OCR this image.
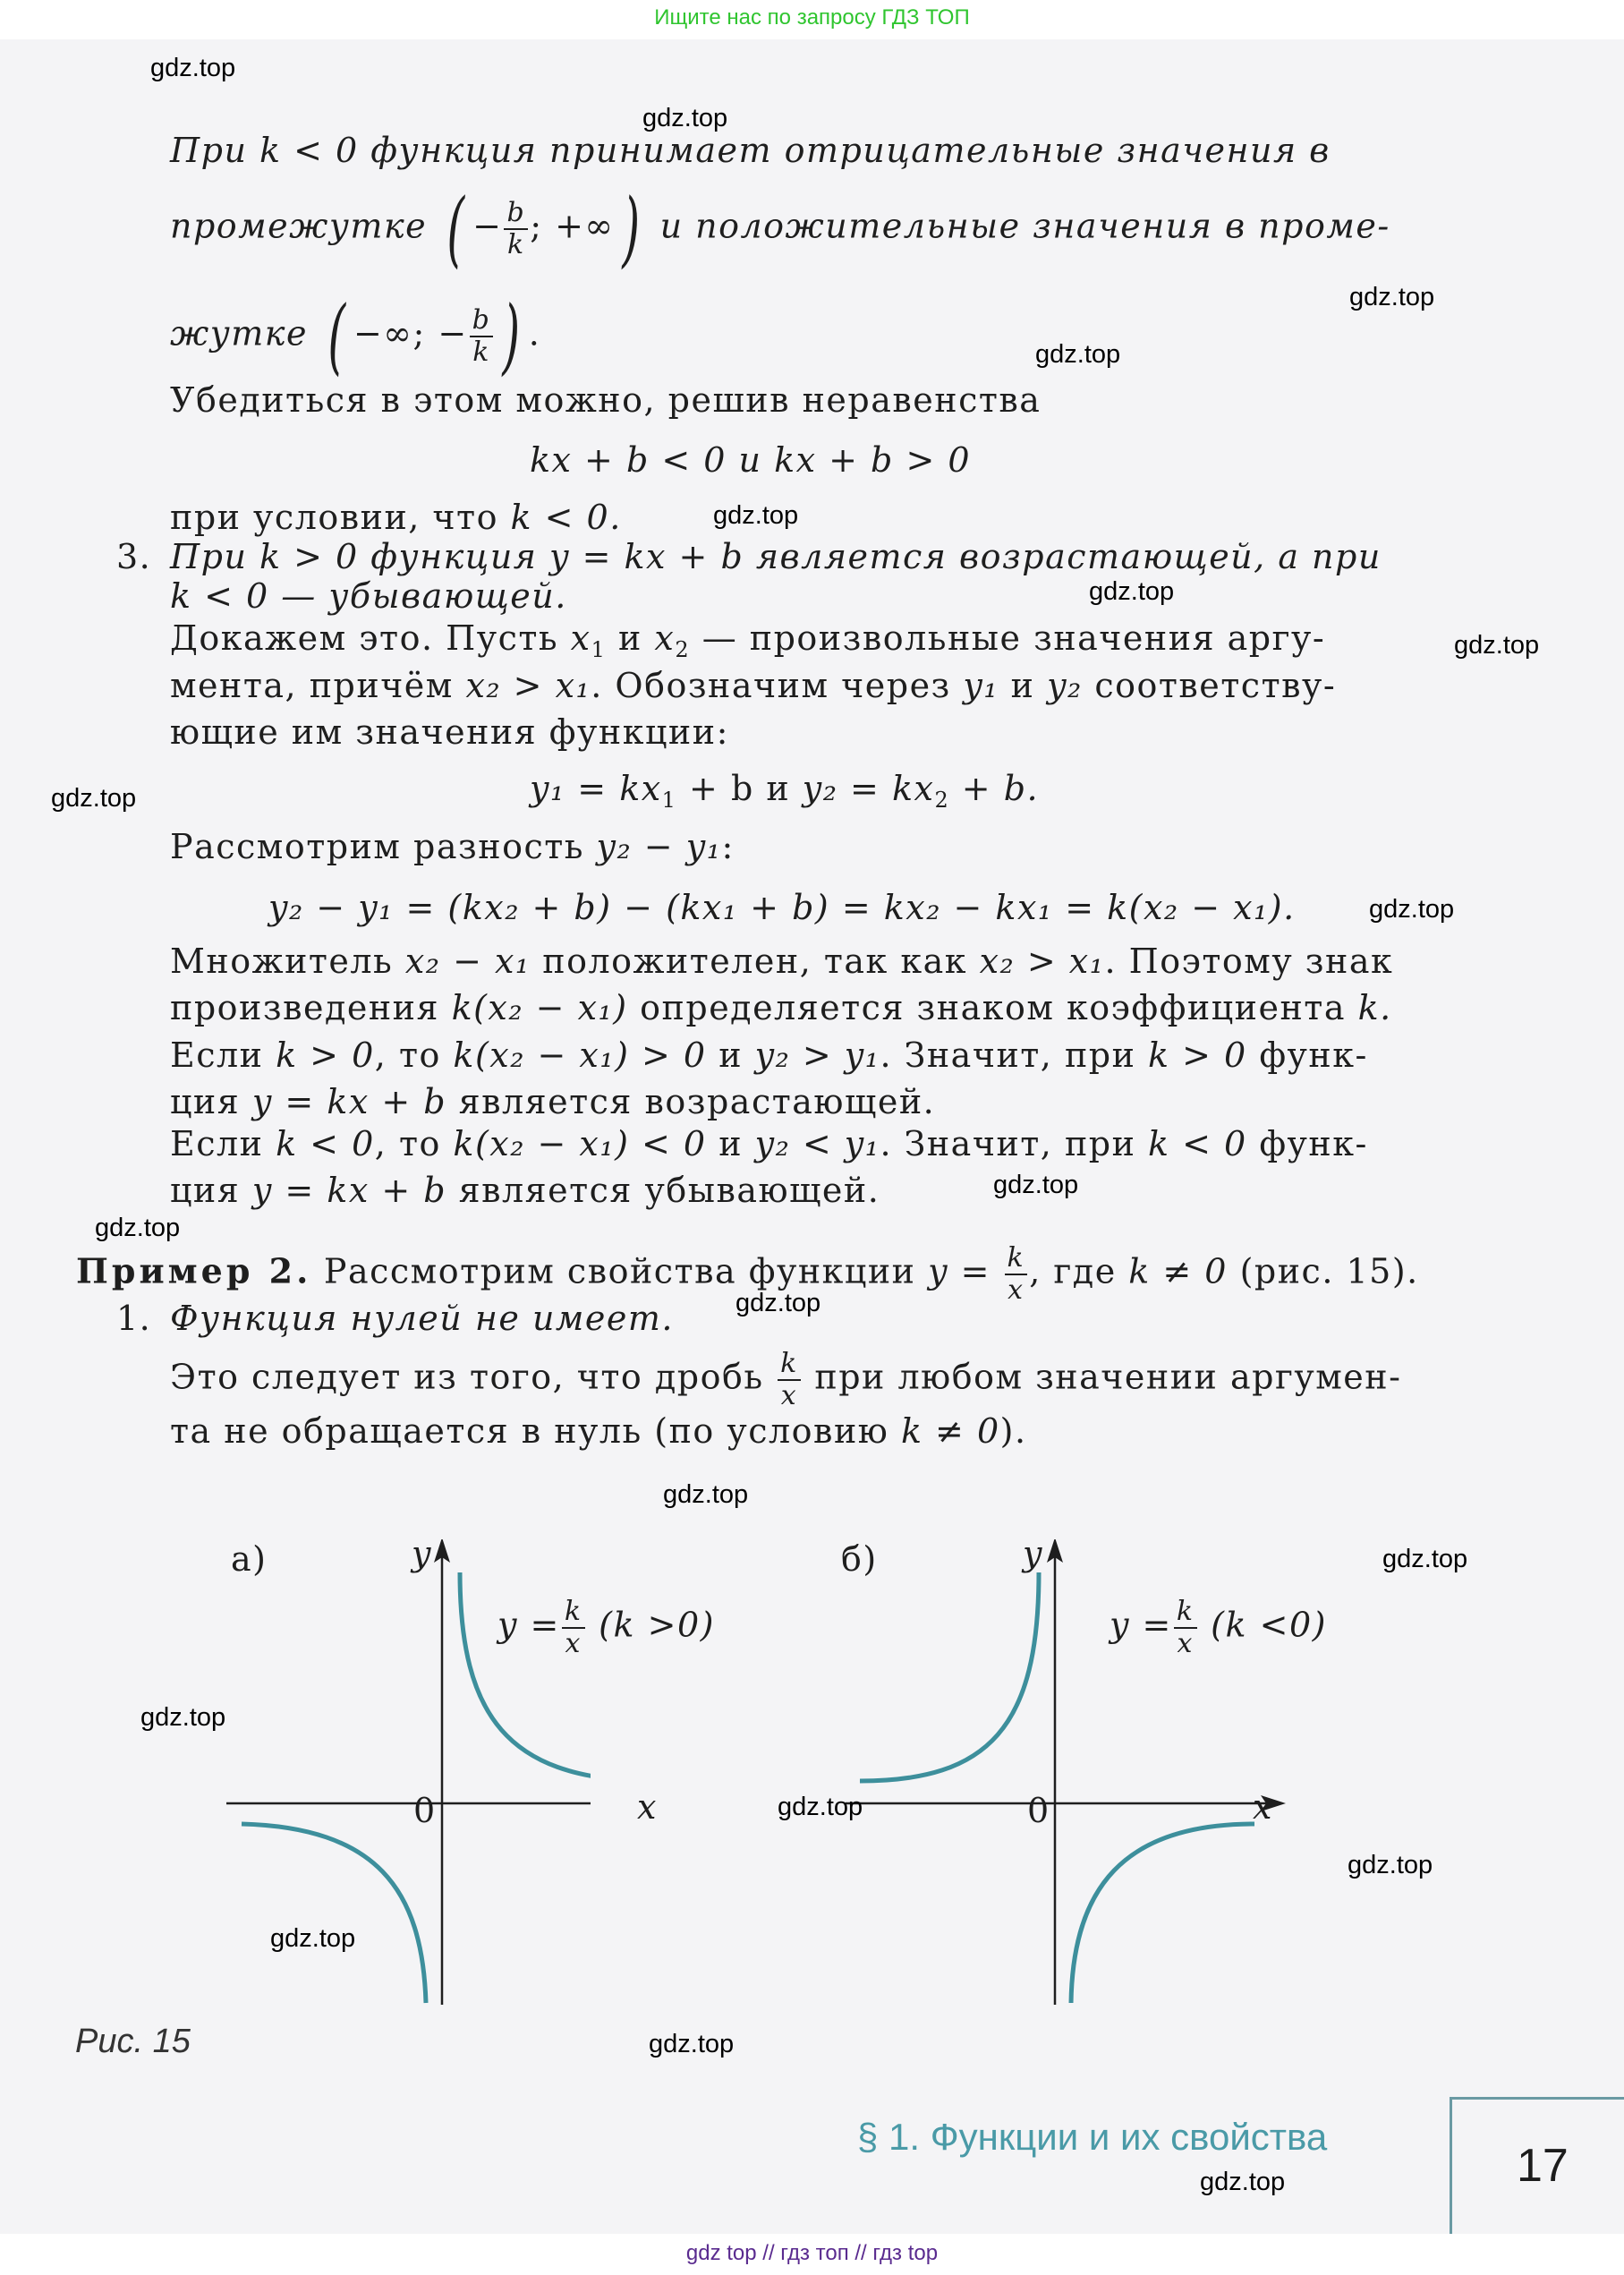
Ищите нас по запросу ГДЗ ТОП
При k < 0 функция принимает отрицательные значения в
промежутке ( − $\frac{b}{k}$ ; +∞) и положительные значения в проме-
жутке ( −∞; − $\frac{b}{k}$ ) .
Убедиться в этом можно, решив неравенства
kx + b < 0 и kx + b > 0
при условии, что k < 0.
3. При k > 0 функция y = kx + b является возрастающей, а при
k < 0 — убывающей.
Докажем это. Пусть $x_1$ и $x_2$ — произвольные значения аргу-
мента, причём x₂ > x₁. Обозначим через y₁ и y₂ соответству-
ющие им значения функции:
$y_1 = kx_1 + b$ и $y_2 = kx_2 + b$.
Рассмотрим разность y₂ − y₁:
y₂ − y₁ = (kx₂ + b) − (kx₁ + b) = kx₂ − kx₁ = k(x₂ − x₁).
Множитель x₂ − x₁ положителен, так как x₂ > x₁. Поэтому знак
произведения k(x₂ − x₁) определяется знаком коэффициента k.
Если k > 0, то k(x₂ − x₁) > 0 и y₂ > y₁. Значит, при k > 0 функ-
ция y = kx + b является возрастающей.
Если k < 0, то k(x₂ − x₁) < 0 и y₂ < y₁. Значит, при k < 0 функ-
ция y = kx + b является убывающей.
Пример 2. Рассмотрим свойства функции $y = \frac{k}{x}$ , где k ≠ 0 (рис. 15).
1. Функция нулей не имеет.
Это следует из того, что дробь $\frac{k}{x}$ при любом значении аргумен-
та не обращается в нуль (по условию k ≠ 0).
а)	y
x
0
$y = \frac{k}{x} (k >0)$
б)	y
x
0
$y = \frac{k}{x} (k <0)$
Рис. 15
§ 1. Функции и их свойства
17
gdz.top
gdz.top
gdz.top
gdz.top
gdz.top
gdz.top
gdz.top
gdz.top
gdz.top
gdz.top
gdz.top
gdz.top
gdz.top
gdz.top
gdz.top
gdz.top
gdz.top
gdz.top
gdz.top
gdz.top
gdz top // гдз топ // гдз top
